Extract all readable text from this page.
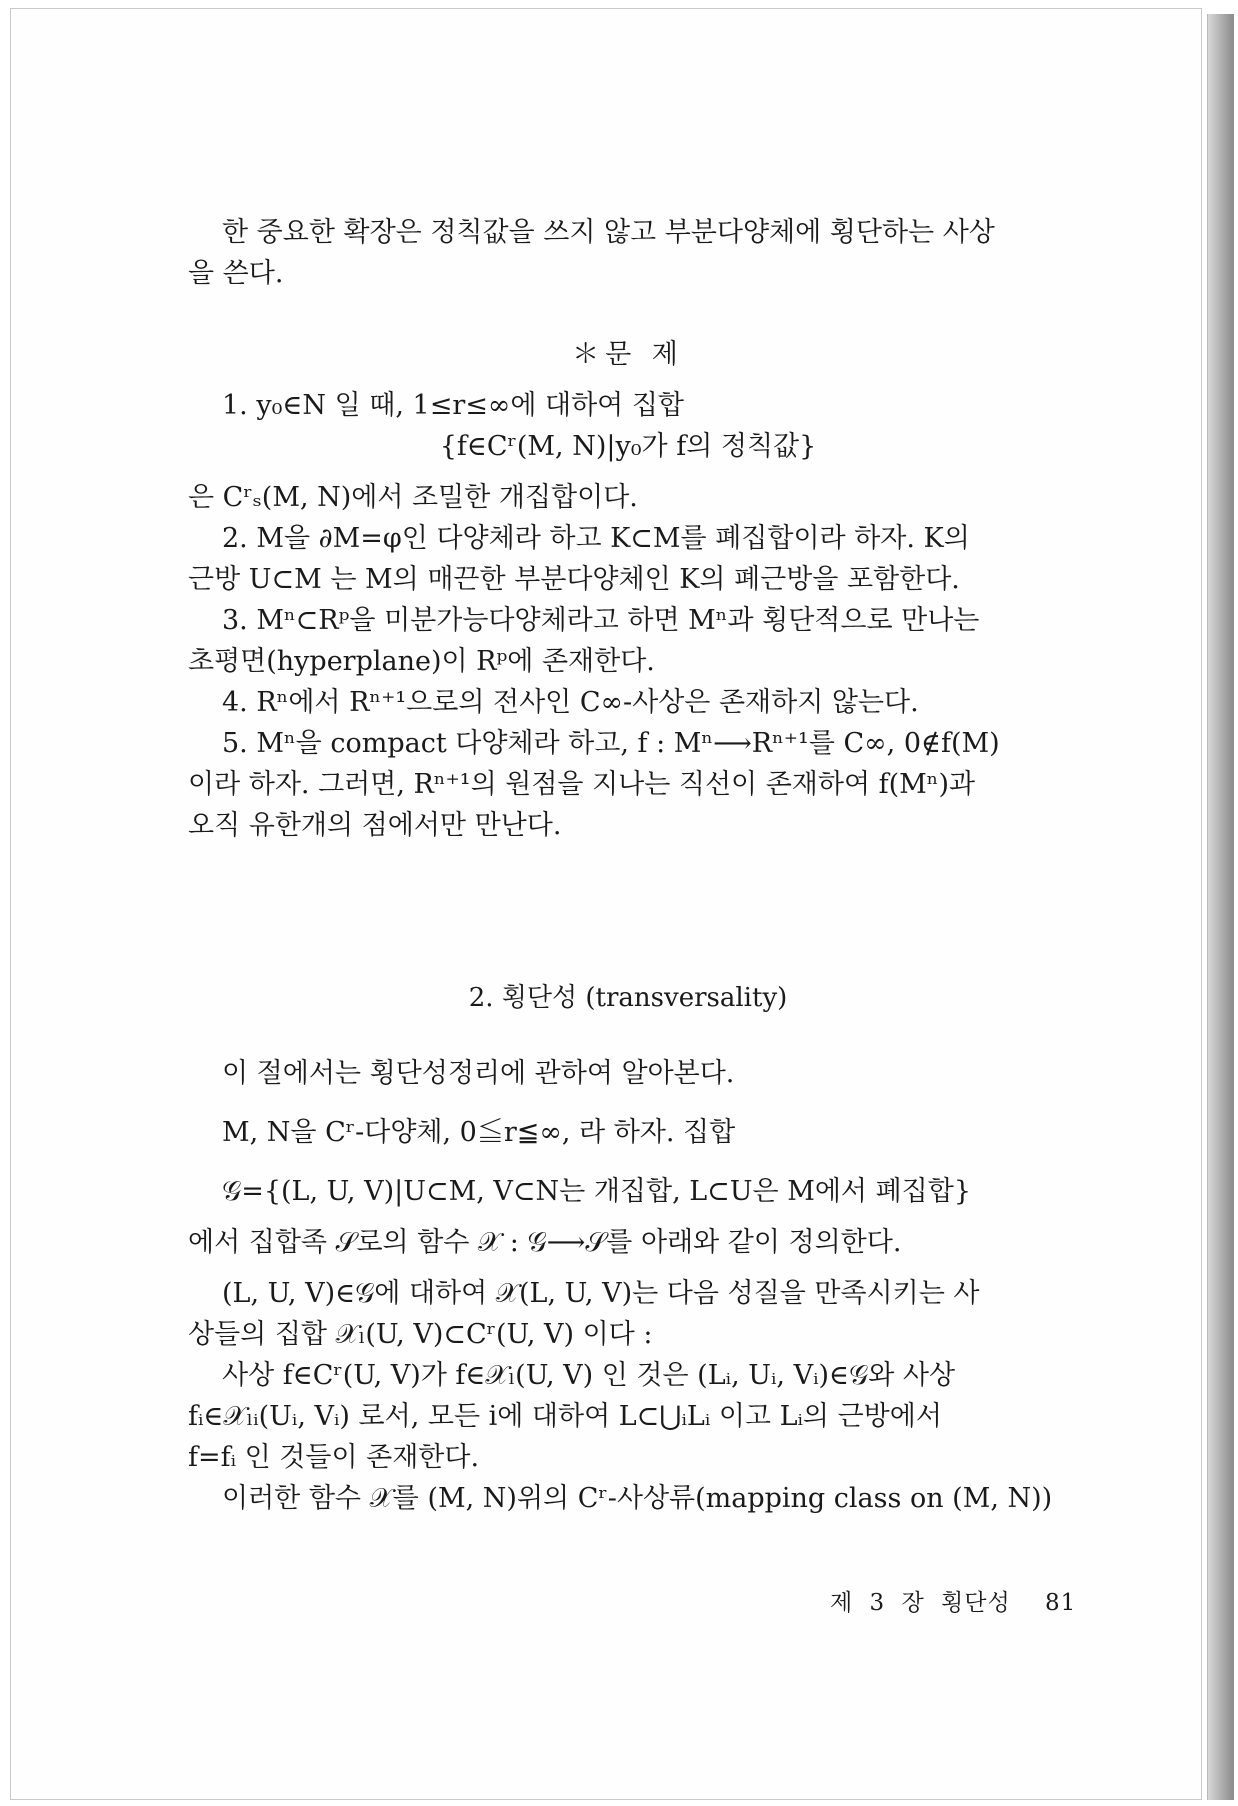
한 중요한 확장은 정칙값을 쓰지 않고 부분다양체에 횡단하는 사상
을 쓴다.
＊문 제
1. y₀∈N 일 때, 1≤r≤∞에 대하여 집합
{f∈Cʳ(M, N)|y₀가 f의 정칙값}
은 Cʳₛ(M, N)에서 조밀한 개집합이다.
2. M을 ∂M=φ인 다양체라 하고 K⊂M를 폐집합이라 하자. K의
근방 U⊂M 는 M의 매끈한 부분다양체인 K의 폐근방을 포함한다.
3. Mⁿ⊂Rᵖ을 미분가능다양체라고 하면 Mⁿ과 횡단적으로 만나는
초평면(hyperplane)이 Rᵖ에 존재한다.
4. Rⁿ에서 Rⁿ⁺¹으로의 전사인 C∞-사상은 존재하지 않는다.
5. Mⁿ을 compact 다양체라 하고, f : Mⁿ⟶Rⁿ⁺¹를 C∞, 0∉f(M)
이라 하자. 그러면, Rⁿ⁺¹의 원점을 지나는 직선이 존재하여 f(Mⁿ)과
오직 유한개의 점에서만 만난다.
2. 횡단성 (transversality)
이 절에서는 횡단성정리에 관하여 알아본다.
M, N을 Cʳ-다양체, 0≦r≦∞, 라 하자. 집합
𝒢={(L, U, V)|U⊂M, V⊂N는 개집합, L⊂U은 M에서 폐집합}
에서 집합족 𝒮로의 함수 𝒳 : 𝒢⟶𝒮를 아래와 같이 정의한다.
(L, U, V)∈𝒢에 대하여 𝒳(L, U, V)는 다음 성질을 만족시키는 사
상들의 집합 𝒳ₗ(U, V)⊂Cʳ(U, V) 이다 :
사상 f∈Cʳ(U, V)가 f∈𝒳ₗ(U, V) 인 것은 (Lᵢ, Uᵢ, Vᵢ)∈𝒢와 사상
fᵢ∈𝒳ₗᵢ(Uᵢ, Vᵢ) 로서, 모든 i에 대하여 L⊂⋃ᵢLᵢ 이고 Lᵢ의 근방에서
f=fᵢ 인 것들이 존재한다.
이러한 함수 𝒳를 (M, N)위의 Cʳ-사상류(mapping class on (M, N))
제 3 장 횡단성 81
